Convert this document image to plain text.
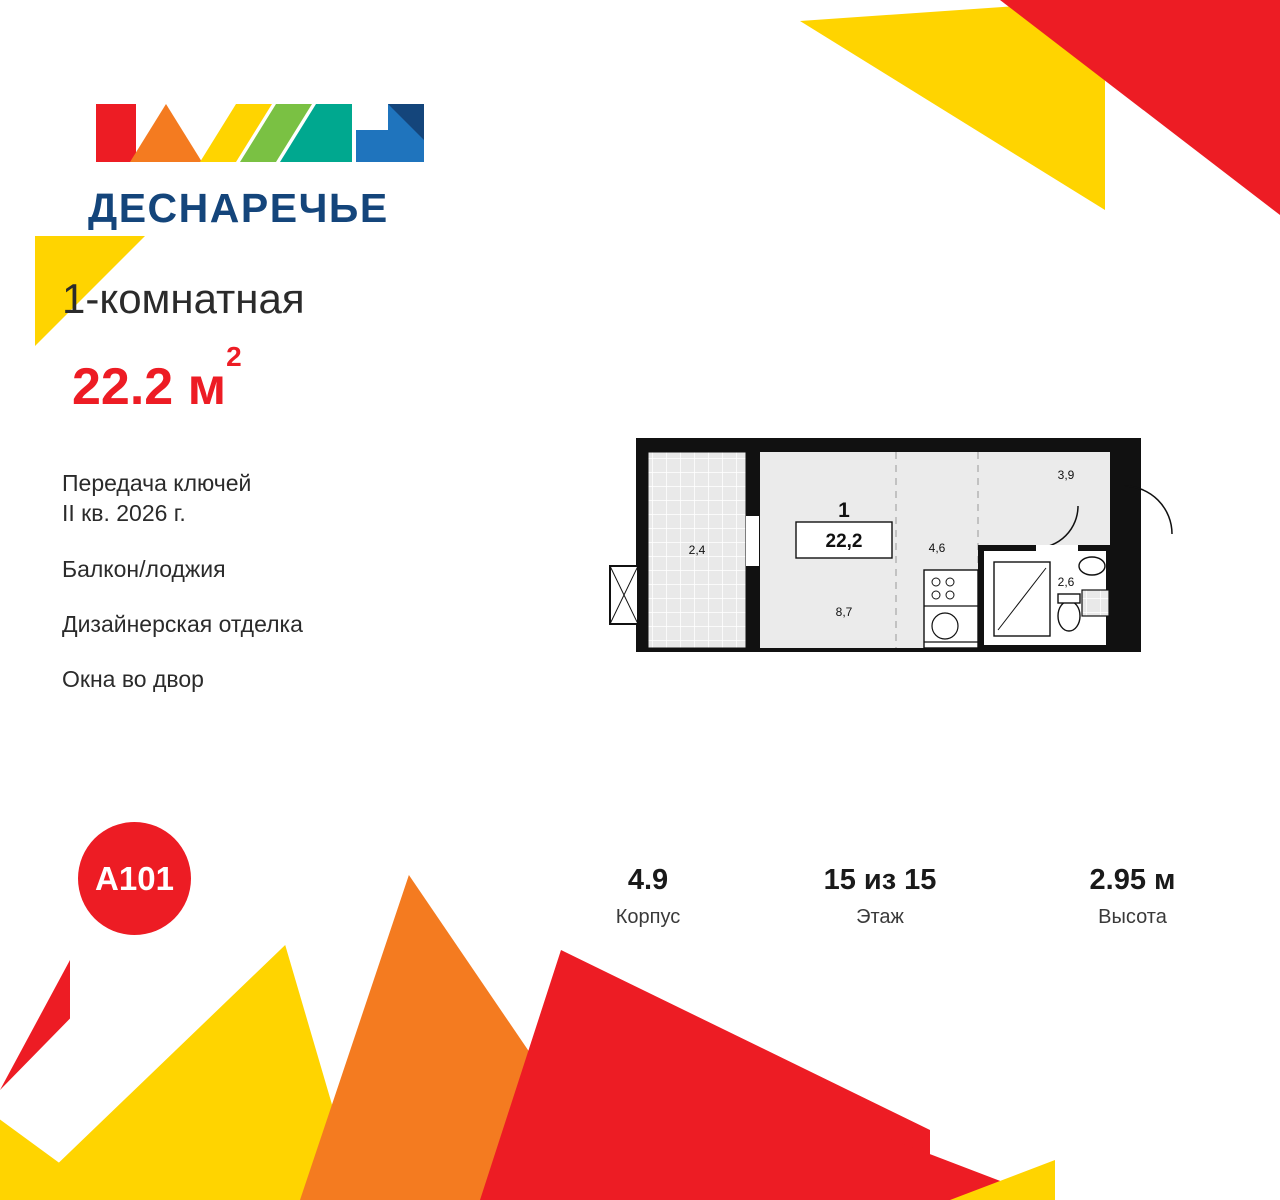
ДЕСНАРЕЧЬЕ
1-комнатная
22.2 $м^2$
Передача ключей
II кв. 2026 г.
Балкон/лоджия
Дизайнерская отделка
Окна во двор
A101	4.9
Корпус
15 из 15
Этаж
2.95 м
Высота
1
22,2
2,4
8,7
4,6
3,9
2,6
